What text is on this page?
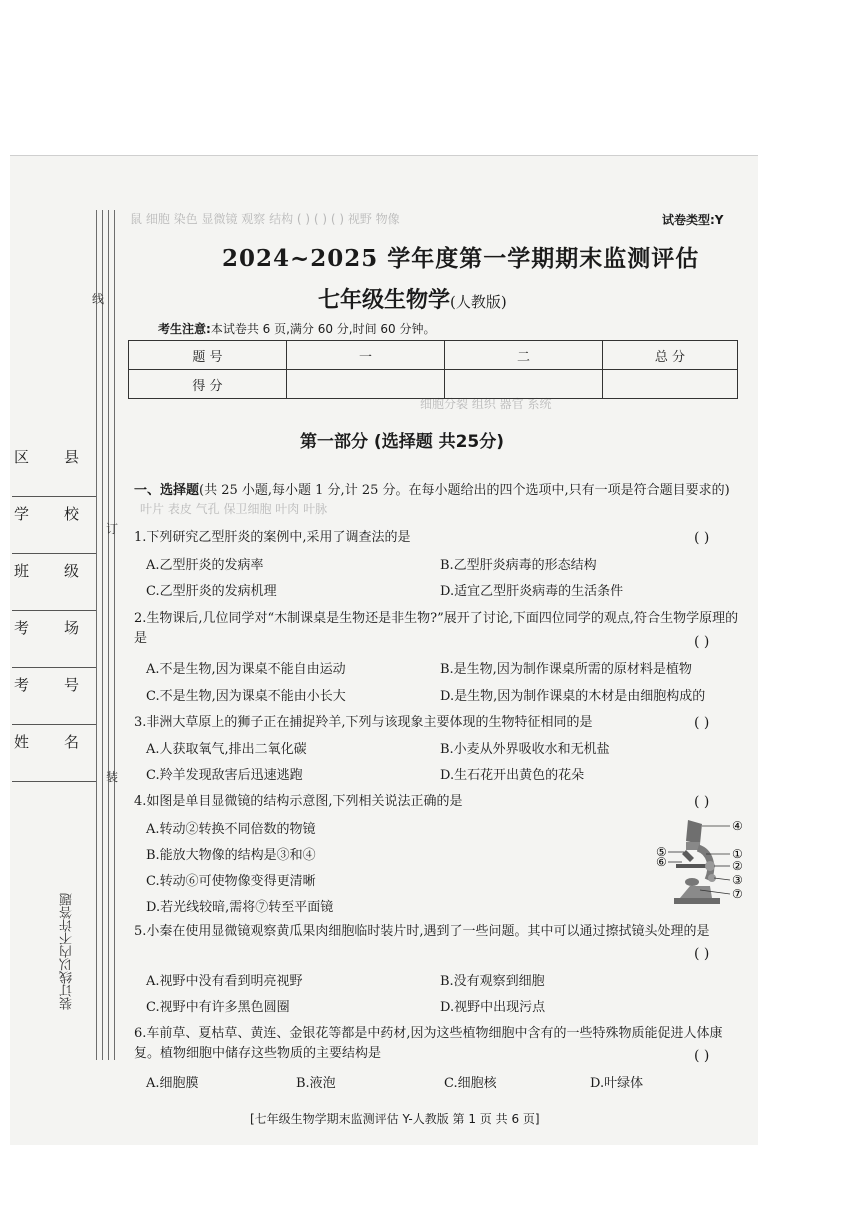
线
订
装
区 县
学 校
班 级
考 场
考 号
姓 名
装订线以内不许答题
鼠 细胞 染色 显微镜 观察 结构 ( ) ( ) ( ) 视野 物像
细胞分裂 组织 器官 系统
叶片 表皮 气孔 保卫细胞 叶肉 叶脉
试卷类型:Y
2024~2025 学年度第一学期期末监测评估
七年级生物学(人教版)
考生注意:本试卷共 6 页,满分 60 分,时间 60 分钟。
题 号	一	二	总 分
得 分			
第一部分 (选择题 共25分)
一、选择题(共 25 小题,每小题 1 分,计 25 分。在每小题给出的四个选项中,只有一项是符合题目要求的)
1.下列研究乙型肝炎的案例中,采用了调查法的是	( )
A.乙型肝炎的发病率	B.乙型肝炎病毒的形态结构
C.乙型肝炎的发病机理	D.适宜乙型肝炎病毒的生活条件
2.生物课后,几位同学对“木制课桌是生物还是非生物?”展开了讨论,下面四位同学的观点,符合生物学原理的是	( )
A.不是生物,因为课桌不能自由运动	B.是生物,因为制作课桌所需的原材料是植物
C.不是生物,因为课桌不能由小长大	D.是生物,因为制作课桌的木材是由细胞构成的
3.非洲大草原上的狮子正在捕捉羚羊,下列与该现象主要体现的生物特征相同的是	( )
A.人获取氧气,排出二氧化碳	B.小麦从外界吸收水和无机盐
C.羚羊发现敌害后迅速逃跑	D.生石花开出黄色的花朵
4.如图是单目显微镜的结构示意图,下列相关说法正确的是	( )
A.转动②转换不同倍数的物镜
B.能放大物像的结构是③和④
C.转动⑥可使物像变得更清晰
D.若光线较暗,需将⑦转至平面镜
④
⑤	①
⑥	②
③
⑦
5.小秦在使用显微镜观察黄瓜果肉细胞临时装片时,遇到了一些问题。其中可以通过擦拭镜头处理的是
( )
A.视野中没有看到明亮视野	B.没有观察到细胞
C.视野中有许多黑色圆圈	D.视野中出现污点
6.车前草、夏枯草、黄连、金银花等都是中药材,因为这些植物细胞中含有的一些特殊物质能促进人体康复。植物细胞中储存这些物质的主要结构是	( )
A.细胞膜	B.液泡	C.细胞核	D.叶绿体
[七年级生物学期末监测评估 Y-人教版 第 1 页 共 6 页]
